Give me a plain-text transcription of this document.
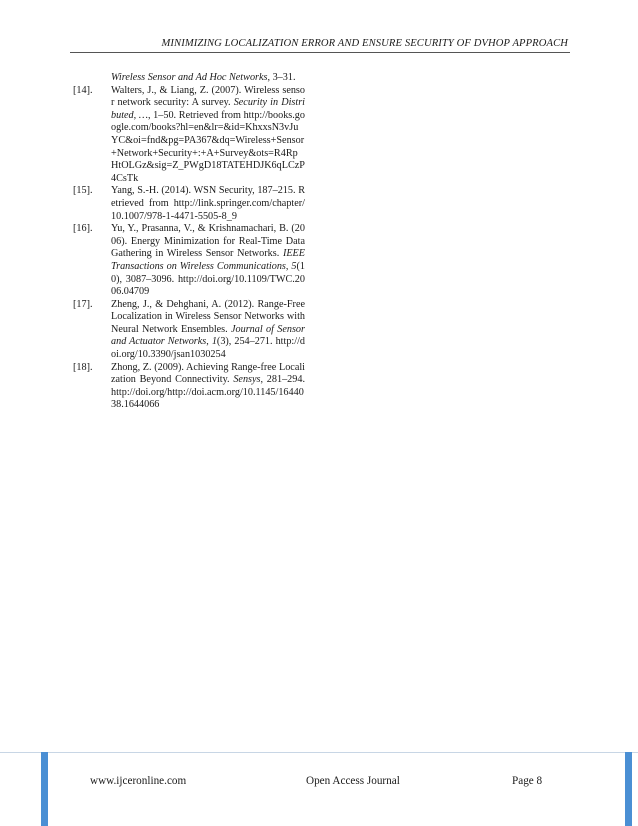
MINIMIZING LOCALIZATION ERROR AND ENSURE SECURITY OF DVHOP APPROACH
Wireless Sensor and Ad Hoc Networks, 3–31.
[14].	Walters, J., & Liang, Z. (2007). Wireless sensor network security: A survey. Security in Distributed, …, 1–50. Retrieved from http://books.google.com/books?hl=en&lr=&id=KhxxsN3vJuYC&oi=fnd&pg=PA367&dq=Wireless+Sensor+Network+Security+:+A+Survey&ots=R4RpHtOLGz&sig=Z_PWgD18TATEHDJK6qLCzP4CsTk
[15].	Yang, S.-H. (2014). WSN Security, 187–215. Retrieved from http://link.springer.com/chapter/10.1007/978-1-4471-5505-8_9
[16].	Yu, Y., Prasanna, V., & Krishnamachari, B. (2006). Energy Minimization for Real-Time Data Gathering in Wireless Sensor Networks. IEEE Transactions on Wireless Communications, 5(10), 3087–3096. http://doi.org/10.1109/TWC.2006.04709
[17].	Zheng, J., & Dehghani, A. (2012). Range-Free Localization in Wireless Sensor Networks with Neural Network Ensembles. Journal of Sensor and Actuator Networks, 1(3), 254–271. http://doi.org/10.3390/jsan1030254
[18].	Zhong, Z. (2009). Achieving Range-free Localization Beyond Connectivity. Sensys, 281–294. http://doi.org/http://doi.acm.org/10.1145/1644038.1644066
www.ijceronline.com	Open Access Journal	Page 8
